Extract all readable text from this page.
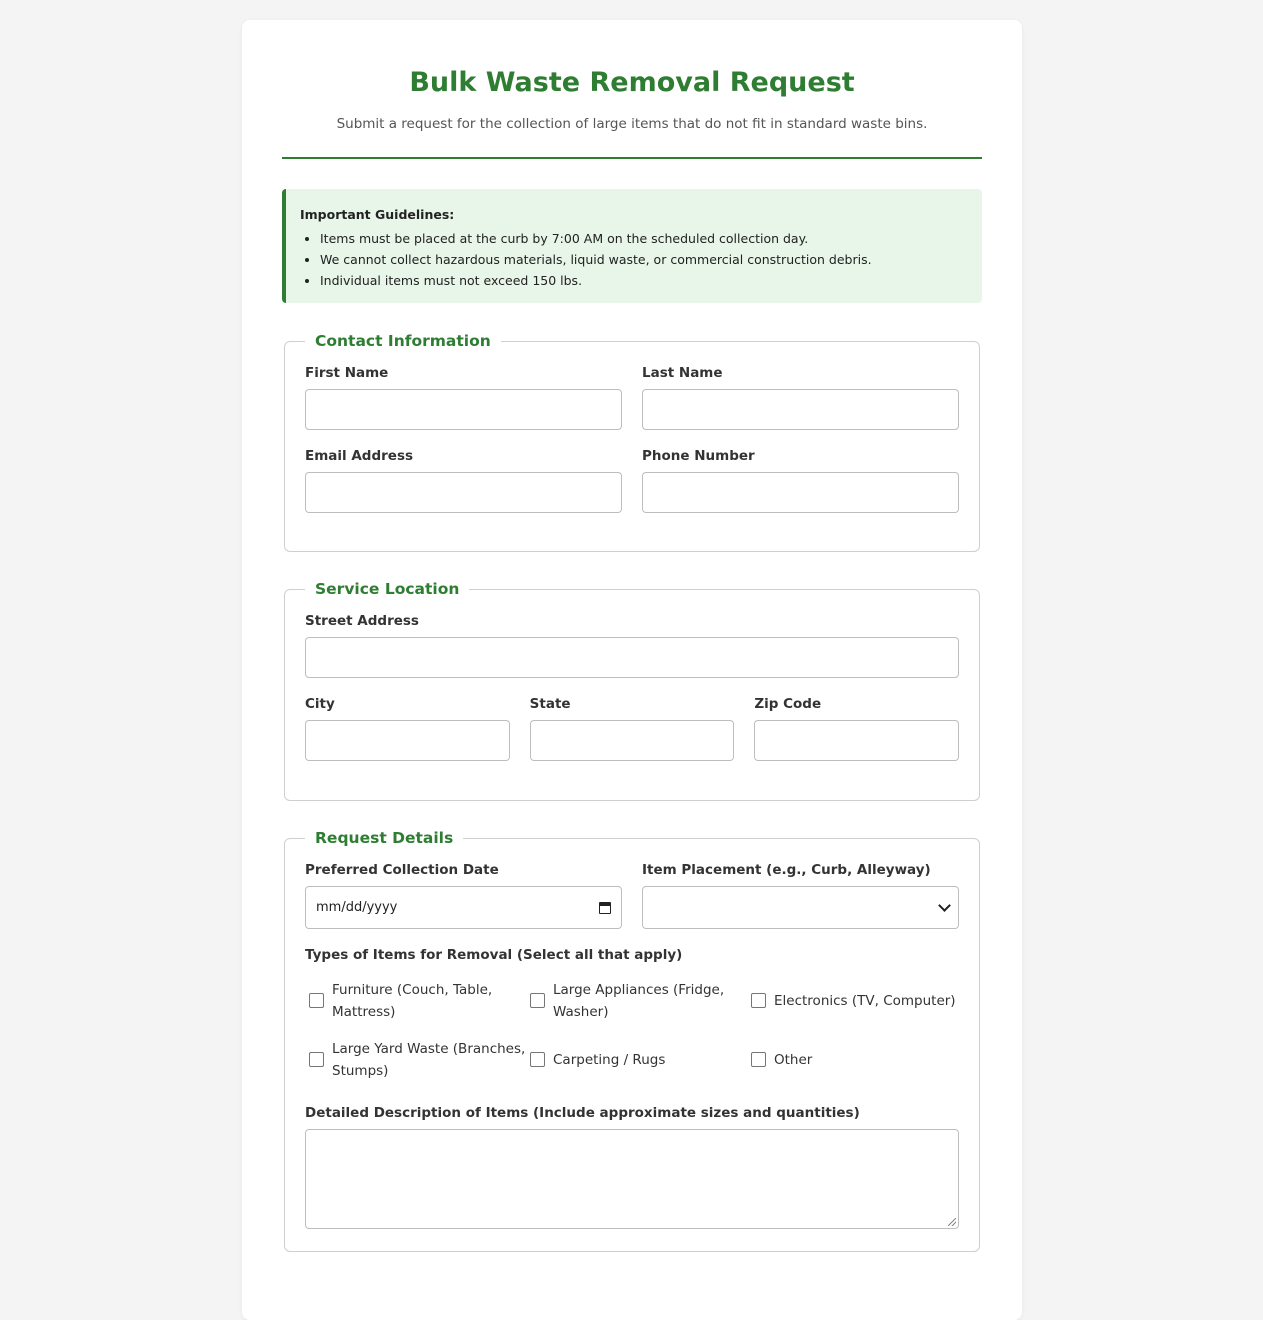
Bulk Waste Removal Request

Submit a request for the collection of large items that do not fit in standard waste bins.

Important Guidelines:
• Items must be placed at the curb by 7:00 AM on the scheduled collection day.
• We cannot collect hazardous materials, liquid waste, or commercial construction debris.
• Individual items must not exceed 150 lbs.
Contact Information
First Name	Last Name
Email Address	Phone Number
Service Location
Street Address
City	State	Zip Code
Request Details
Preferred Collection Date
mm/dd/yyyy
Item Placement (e.g., Curb, Alleyway)
Types of Items for Removal (Select all that apply)
Furniture (Couch, Table, Mattress)
Large Appliances (Fridge, Washer)
Electronics (TV, Computer)
Large Yard Waste (Branches, Stumps)
Carpeting / Rugs	Other
Detailed Description of Items (Include approximate sizes and quantities)
